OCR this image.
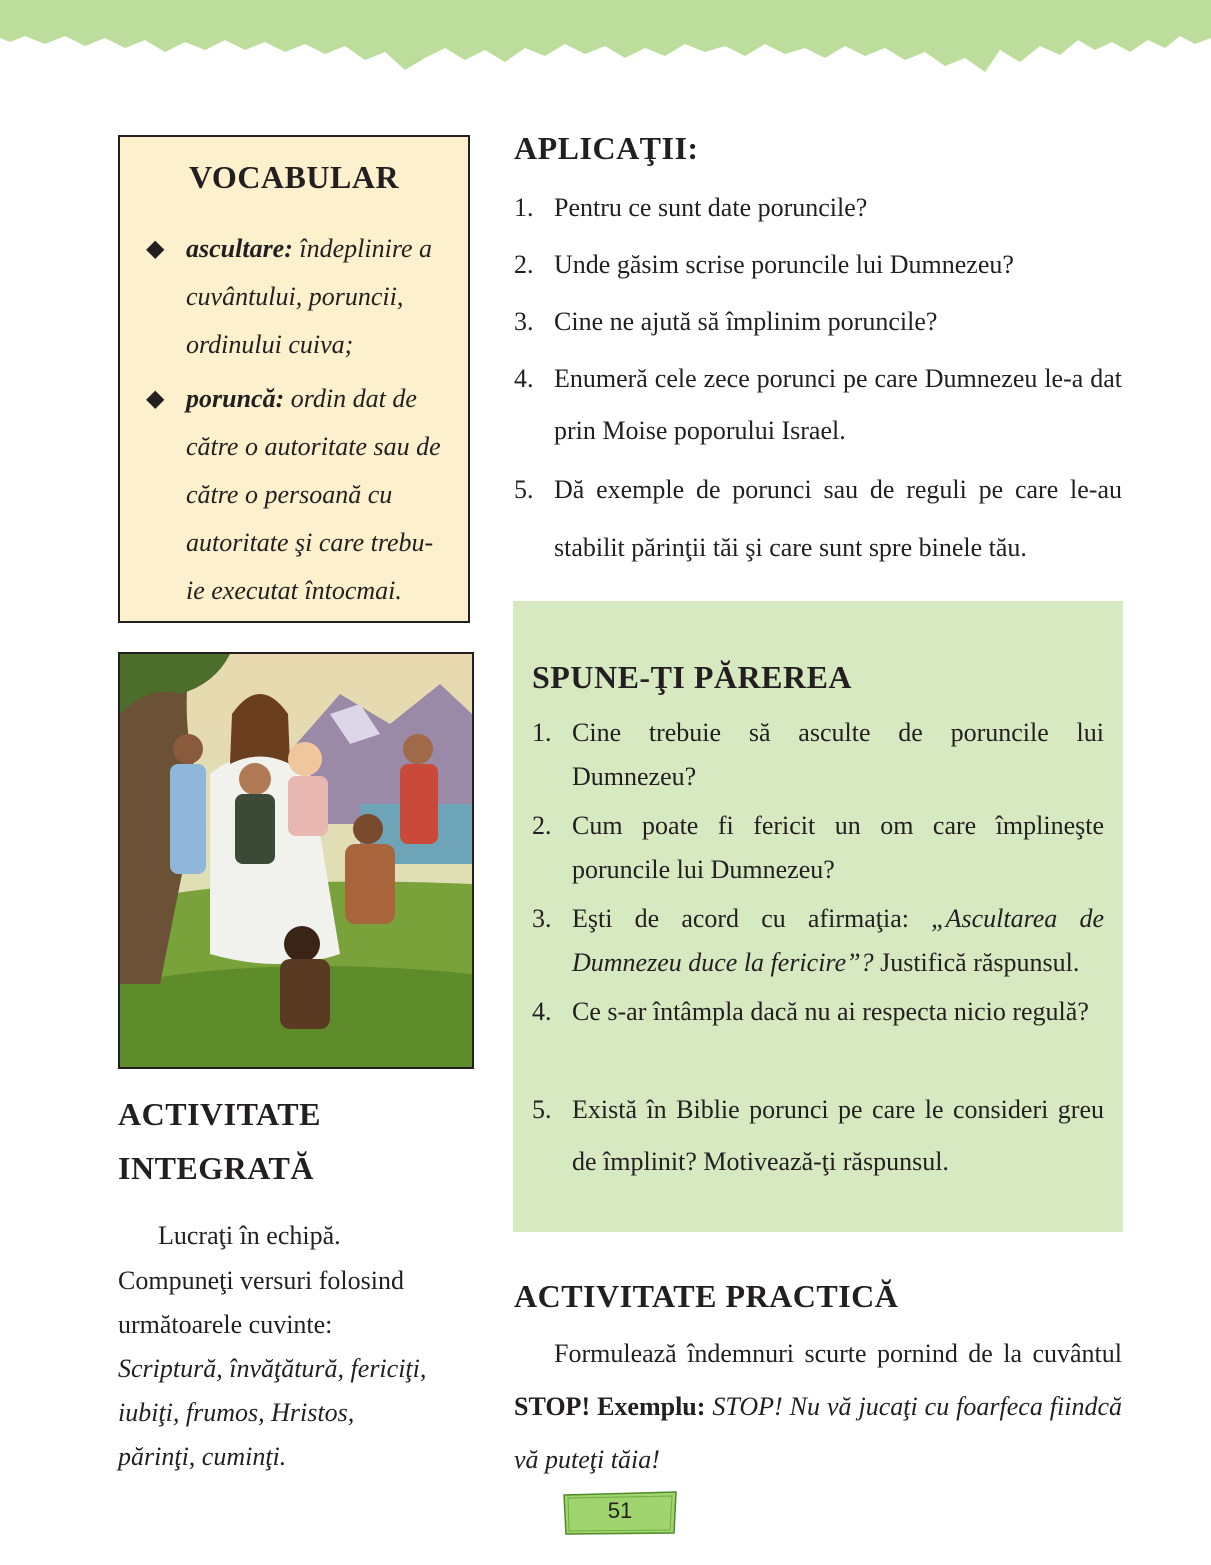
VOCABULAR
◆ ascultare: îndeplinire a cuvântului, poruncii, ordinului cuiva;
◆ poruncă: ordin dat de către o autoritate sau de către o persoană cu autoritate şi care trebu-ie executat întocmai.
ACTIVITATE
INTEGRATĂ
Lucraţi în echipă.
Compuneţi versuri folosind
următoarele cuvinte:
Scriptură, învăţătură, fericiţi,
iubiţi, frumos, Hristos,
părinţi, cuminţi.
APLICAŢII:
1. Pentru ce sunt date poruncile?
2. Unde găsim scrise poruncile lui Dumnezeu?
3. Cine ne ajută să împlinim poruncile?
4. Enumeră cele zece porunci pe care Dumnezeu le-a dat prin Moise poporului Israel.
5. Dă exemple de porunci sau de reguli pe care le-au stabilit părinţii tăi şi care sunt spre binele tău.
SPUNE-ŢI PĂREREA
1. Cine trebuie să asculte de poruncile lui Dumnezeu?
2. Cum poate fi fericit un om care împlineşte poruncile lui Dumnezeu?
3. Eşti de acord cu afirmaţia: „Ascultarea de Dumnezeu duce la fericire”? Justifică răspunsul.
4. Ce s-ar întâmpla dacă nu ai respecta nicio regulă?
5. Există în Biblie porunci pe care le consideri greu de împlinit? Motivează-ţi răspunsul.
ACTIVITATE PRACTICĂ
Formulează îndemnuri scurte pornind de la cuvântul STOP! Exemplu: STOP! Nu vă jucaţi cu foarfeca fiindcă vă puteţi tăia!
51
